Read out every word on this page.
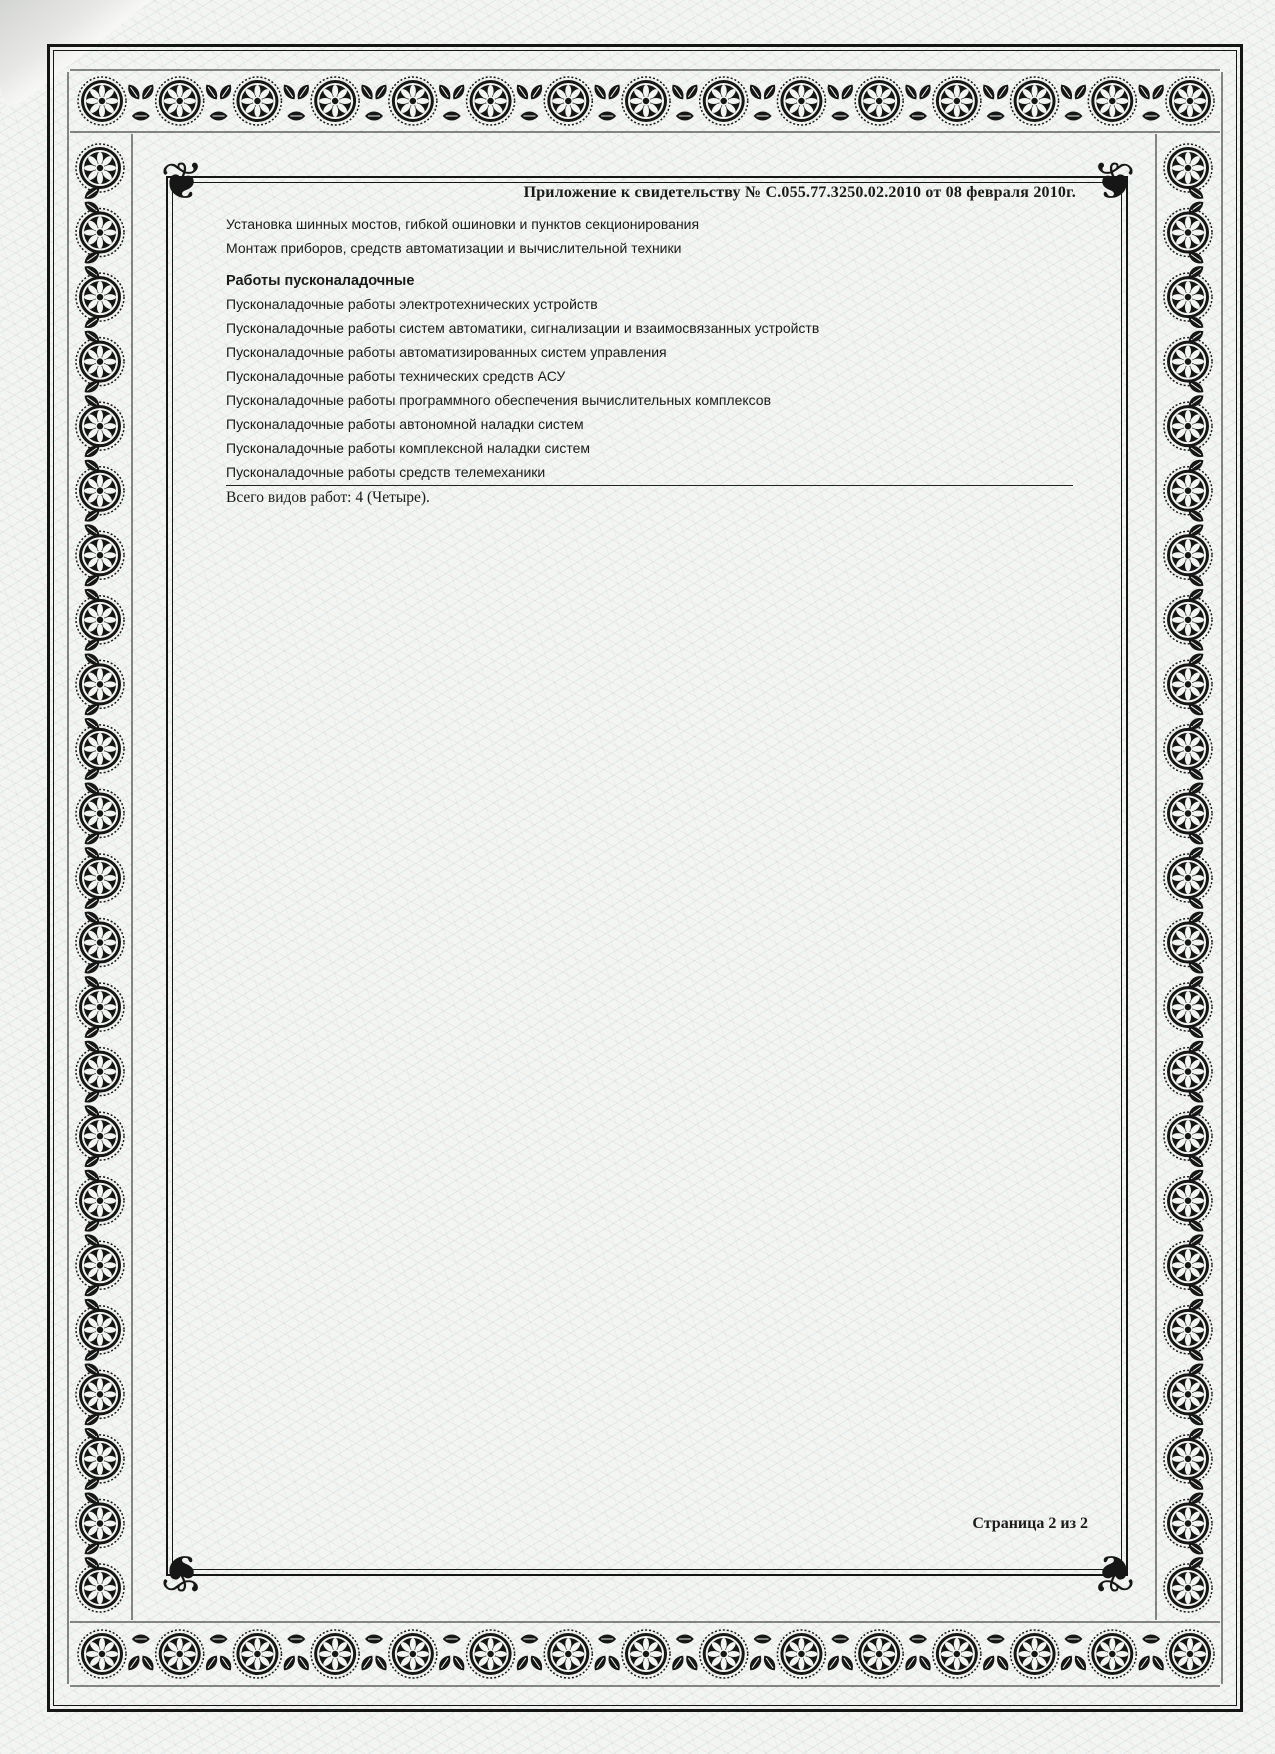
❦	❦
❦	❦

Приложение к свидетельству № С.055.77.3250.02.2010 от 08 февраля 2010г.

Установка шинных мостов, гибкой ошиновки и пунктов секционирования

Монтаж приборов, средств автоматизации и вычислительной техники

Работы пусконаладочные

Пусконаладочные работы электротехнических устройств

Пусконаладочные работы систем автоматики, сигнализации и взаимосвязанных устройств

Пусконаладочные работы автоматизированных систем управления

Пусконаладочные работы технических средств АСУ

Пусконаладочные работы программного обеспечения вычислительных комплексов

Пусконаладочные работы автономной наладки систем

Пусконаладочные работы комплексной наладки систем

Пусконаладочные работы средств телемеханики

Всего видов работ: 4 (Четыре).

Страница 2 из 2
